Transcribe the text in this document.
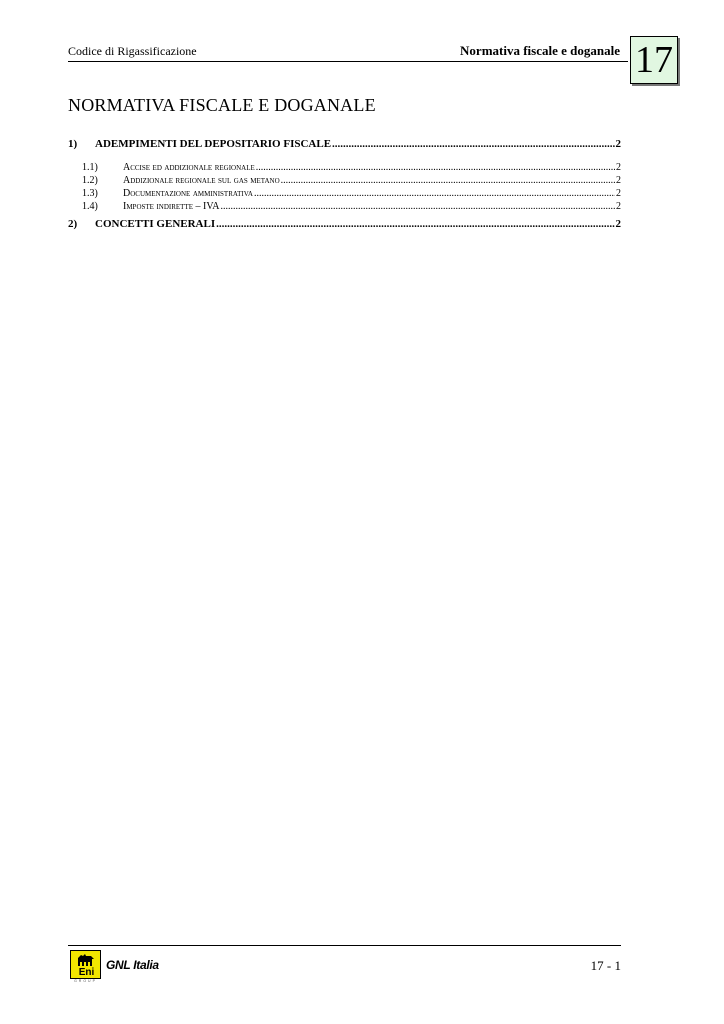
Codice di Rigassificazione	Normativa fiscale e doganale 17
NORMATIVA FISCALE E DOGANALE
1)	ADEMPIMENTI DEL DEPOSITARIO FISCALE .....	2
1.1)	Accise ed addizionale regionale .....	2
1.2)	Addizionale regionale sul gas metano .....	2
1.3)	Documentazione amministrativa .....	2
1.4)	Imposte indirette – IVA .....	2
2)	CONCETTI GENERALI .....	2
Eni
GROUP
GNL Italia	17 - 1
